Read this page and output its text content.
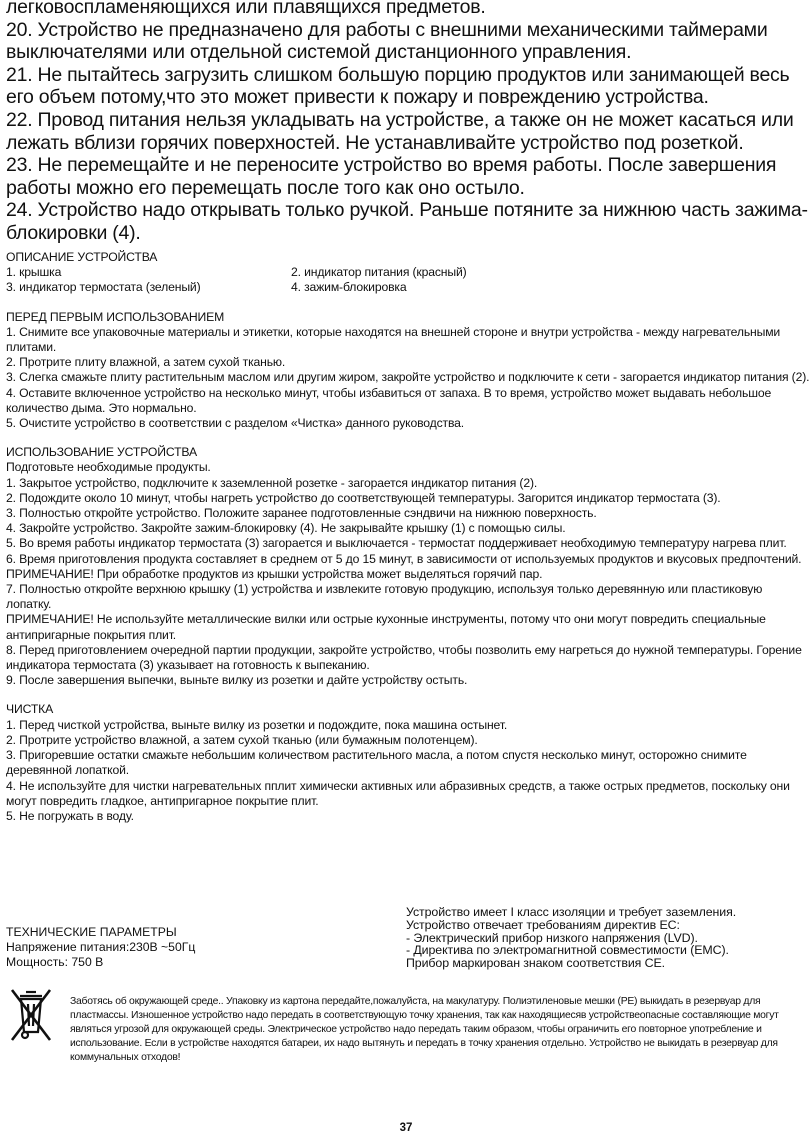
легковоспламеняющихся или плавящихся предметов.

20. Устройство не предназначено для работы с внешними механическими таймерами выключателями или отдельной системой дистанционного управления.

21. Не пытайтесь загрузить слишком большую порцию продуктов или занимающей весь его объем потому,что это может привести к пожару и повреждению устройства.

22. Провод питания нельзя укладывать на устройстве, а также он не может касаться или лежать вблизи горячих поверхностей. Не устанавливайте устройство под розеткой.

23. Не перемещайте и не переносите устройство во время работы. После завершения работы можно его перемещать после того как оно остыло.

24. Устройство надо открывать только ручкой. Раньше потяните за нижнюю часть зажима-блокировки (4).

ОПИСАНИЕ УСТРОЙСТВА

1. крышка	2. индикатор питания (красный)
3. индикатор термостата (зеленый)	4. зажим-блокировка

ПЕРЕД ПЕРВЫМ ИСПОЛЬЗОВАНИЕМ

1. Снимите все упаковочные материалы и этикетки, которые находятся на внешней стороне и внутри устройства - между нагревательными плитами.

2. Протрите плиту влажной, а затем сухой тканью.

3. Слегка смажьте плиту растительным маслом или другим жиром, закройте устройство и подключите к сети - загорается индикатор питания (2).

4. Оставите включенное устройство на несколько минут, чтобы избавиться от запаха. В то время, устройство может выдавать небольшое количество дыма. Это нормально.

5. Очистите устройство в соответствии с разделом «Чистка» данного руководства.

ИСПОЛЬЗОВАНИЕ УСТРОЙСТВА

Подготовьте необходимые продукты.

1. Закрытое устройство, подключите к заземленной розетке - загорается индикатор питания (2).

2. Подождите около 10 минут, чтобы нагреть устройство до соответствующей температуры. Загорится индикатор термостата (3).

3. Полностью откройте устройство. Положите заранее подготовленные сэндвичи на нижнюю поверхность.

4. Закройте устройство. Закройте зажим-блокировку (4). Не закрывайте крышку (1) с помощью силы.

5. Во время работы индикатор термостата (3) загорается и выключается - термостат поддерживает необходимую температуру нагрева плит.

6. Время приготовления продукта составляет в среднем от 5 до 15 минут, в зависимости от используемых продуктов и вкусовых предпочтений.

ПРИМЕЧАНИЕ! При обработке продуктов из крышки устройства может выделяться горячий пар.

7. Полностью откройте верхнюю крышку (1) устройства и извлеките готовую продукцию, используя только деревянную или пластиковую лопатку.

ПРИМЕЧАНИЕ! Не используйте металлические вилки или острые кухонные инструменты, потому что они могут повредить специальные антипригарные покрытия плит.

8. Перед приготовлением очередной партии продукции, закройте устройство, чтобы позволить ему нагреться до нужной температуры. Горение индикатора термостата (3) указывает на готовность к выпеканию.

9. После завершения выпечки, выньте вилку из розетки и дайте устройству остыть.

ЧИСТКА

1. Перед чисткой устройства, выньте вилку из розетки и подождите, пока машина остынет.

2. Протрите устройство влажной, а затем сухой тканью (или бумажным полотенцем).

3. Пригоревшие остатки смажьте небольшим количеством растительного масла, а потом спустя несколько минут, осторожно снимите деревянной лопаткой.

4. Не используйте для чистки нагревательных пплит химически активных или абразивных средств, а также острых предметов, поскольку они могут повредить гладкое, антипригарное покрытие плит.

5. Не погружать в воду.

ТЕХНИЧЕСКИЕ ПАРАМЕТРЫ

Напряжение питания:230В ~50Гц

Мощность: 750 В

Устройство имеет I класс изоляции и требует заземления.

Устройство отвечает требованиям директив ЕС:

- Электрический прибор низкого напряжения (LVD).

- Директива по электромагнитной совместимости (EMC).

Прибор маркирован знаком соответствия CE.

Заботясь об окружающей среде.. Упаковку из картона передайте,пожалуйста, на макулатуру. Полиэтиленовые мешки (PE) выкидать в резервуар для пластмассы. Изношенное устройство надо передать в соответствующую точку хранения, так как находящиесяв устройствеопасные составляющие могут являться угрозой для окружающей среды. Электрическое устройство надо передать таким образом, чтобы ограничить его повторное употребление и использование. Если в устройстве находятся батареи, их надо вытянуть и передать в точку хранения отдельно. Устройство не выкидать в резервуар для коммунальных отходов!

37
